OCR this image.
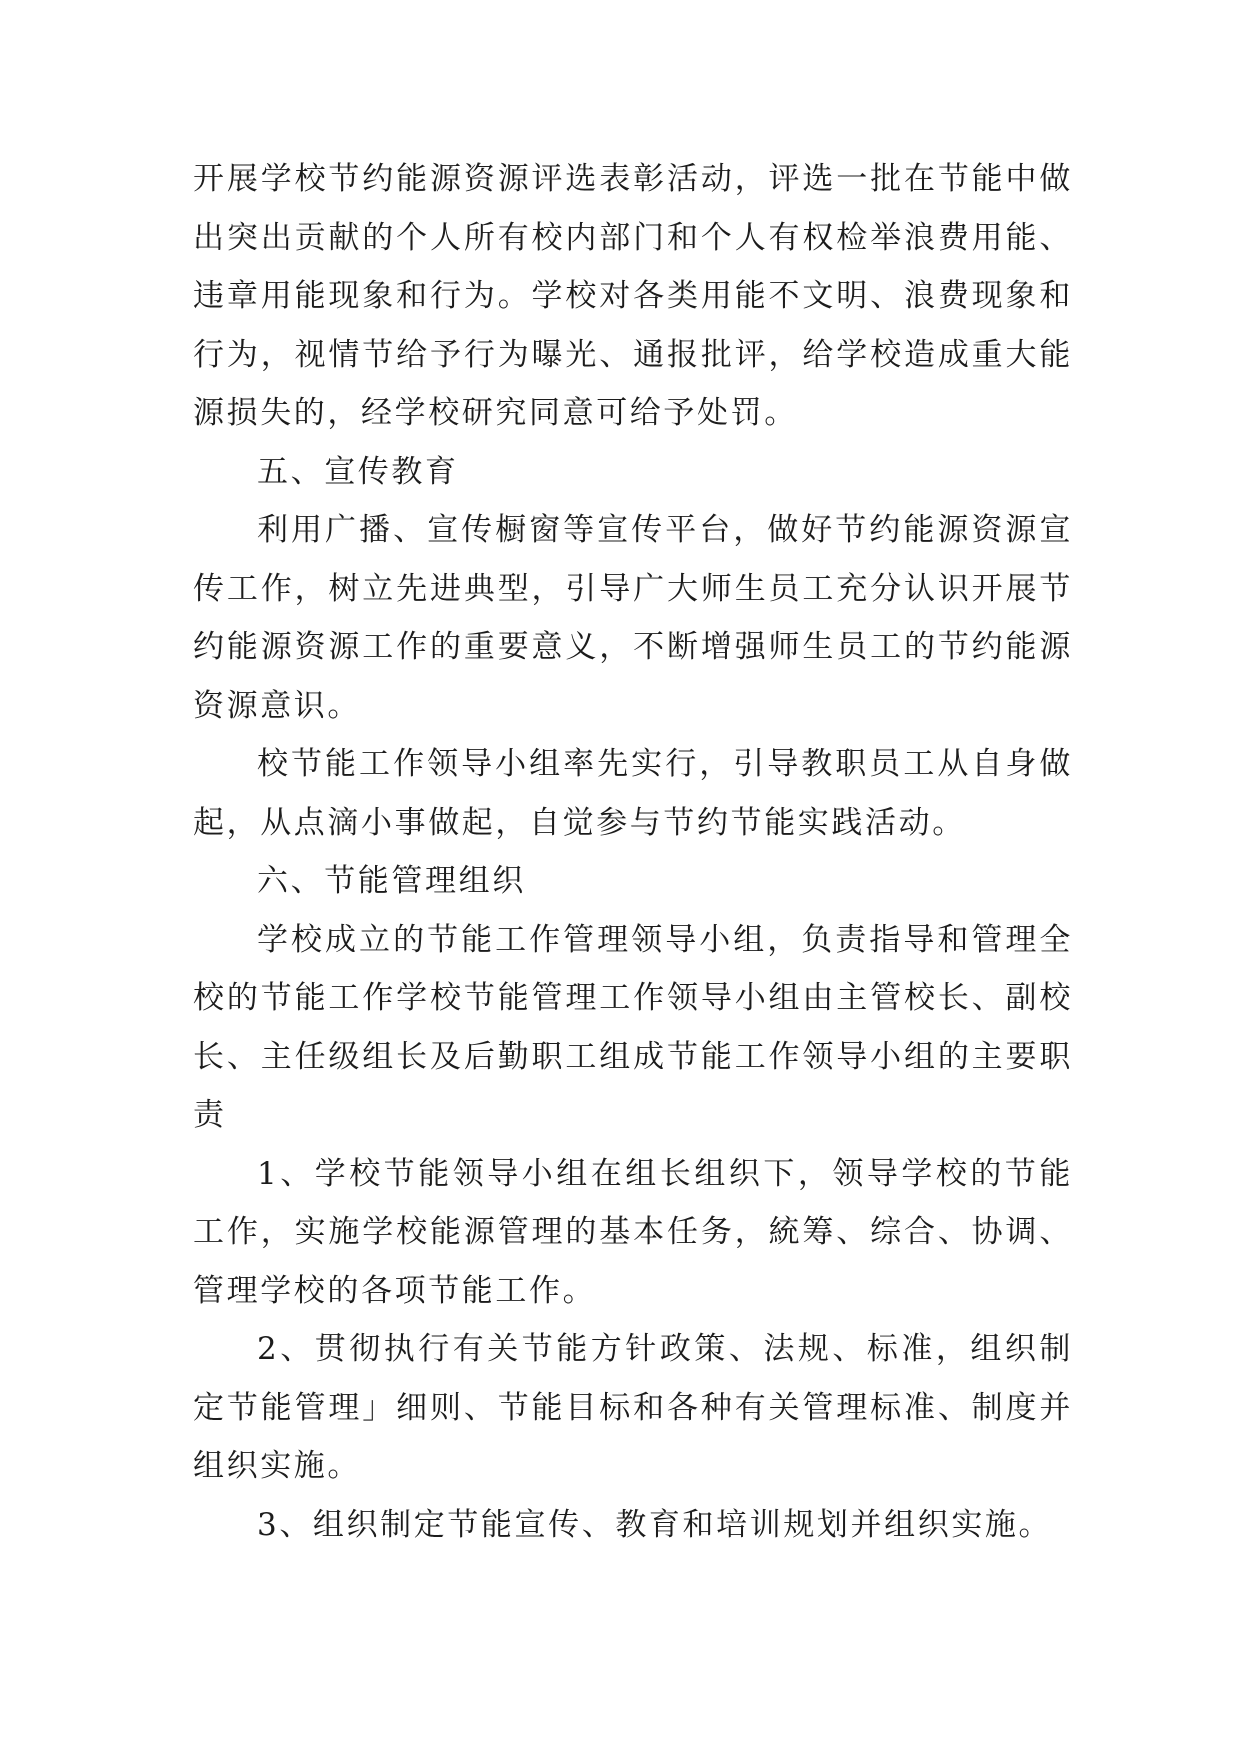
开展学校节约能源资源评选表彰活动，评选一批在节能中做出突出贡献的个人所有校内部门和个人有权检举浪费用能、违章用能现象和行为。学校对各类用能不文明、浪费现象和行为，视情节给予行为曝光、通报批评，给学校造成重大能源损失的，经学校研究同意可给予处罚。

五、宣传教育

利用广播、宣传橱窗等宣传平台，做好节约能源资源宣传工作，树立先进典型，引导广大师生员工充分认识开展节约能源资源工作的重要意义，不断增强师生员工的节约能源资源意识。

校节能工作领导小组率先实行，引导教职员工从自身做起，从点滴小事做起，自觉参与节约节能实践活动。

六、节能管理组织

学校成立的节能工作管理领导小组，负责指导和管理全校的节能工作学校节能管理工作领导小组由主管校长、副校长、主任级组长及后勤职工组成节能工作领导小组的主要职责

1、学校节能领导小组在组长组织下，领导学校的节能工作，实施学校能源管理的基本任务，統筹、综合、协调、管理学校的各项节能工作。

2、贯彻执行有关节能方针政策、法规、标准，组织制定节能管理」细则、节能目标和各种有关管理标准、制度并组织实施。

3、组织制定节能宣传、教育和培训规划并组织实施。
